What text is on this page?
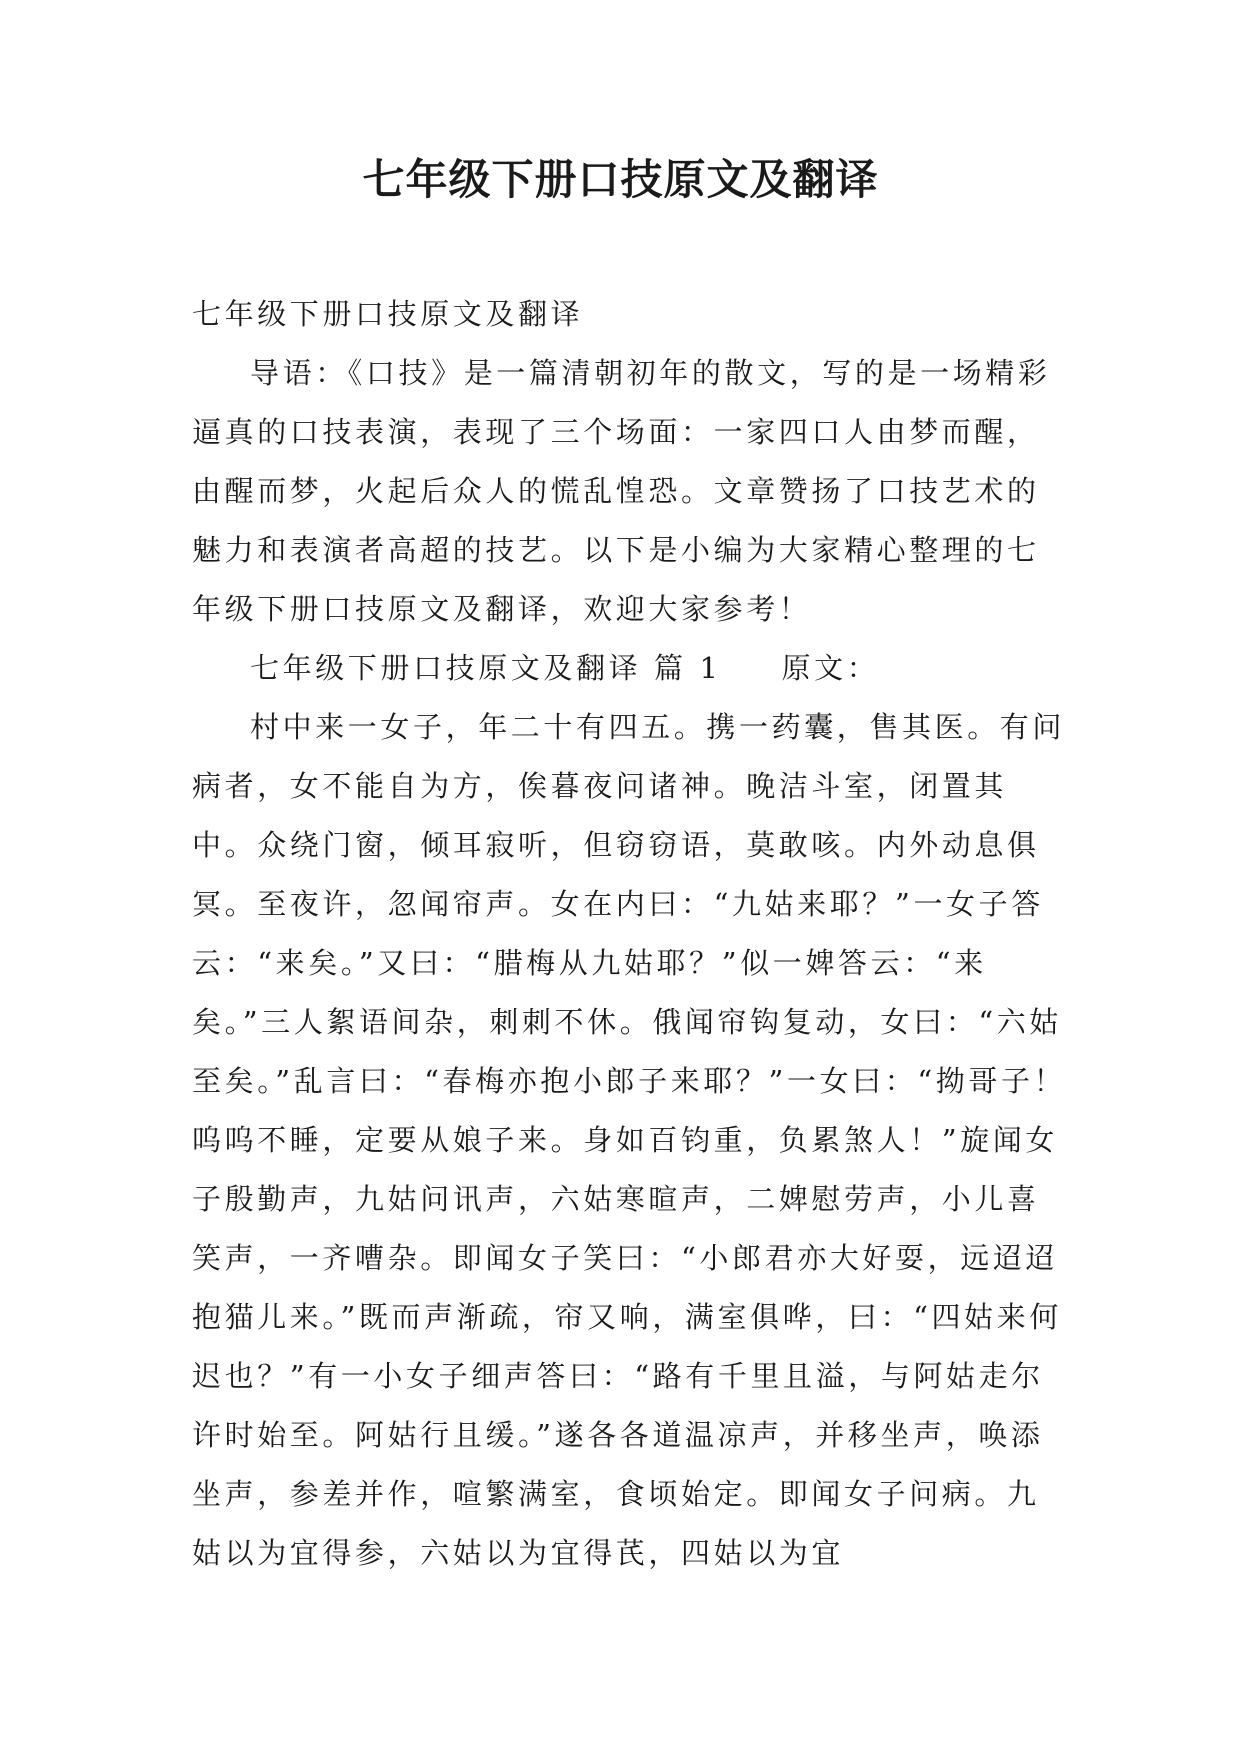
七年级下册口技原文及翻译

七年级下册口技原文及翻译

导语：《口技》是一篇清朝初年的散文，写的是一场精彩逼真的口技表演，表现了三个场面：一家四口人由梦而醒，由醒而梦，火起后众人的慌乱惶恐。文章赞扬了口技艺术的魅力和表演者高超的技艺。以下是小编为大家精心整理的七年级下册口技原文及翻译，欢迎大家参考！

七年级下册口技原文及翻译 篇 1 原文：

村中来一女子，年二十有四五。携一药囊，售其医。有问病者，女不能自为方，俟暮夜问诸神。晚洁斗室，闭置其中。众绕门窗，倾耳寂听，但窃窃语，莫敢咳。内外动息俱冥。至夜许，忽闻帘声。女在内曰：“九姑来耶？”一女子答云：“来矣。”又曰：“腊梅从九姑耶？”似一婢答云：“来矣。”三人絮语间杂，刺刺不休。俄闻帘钩复动，女曰：“六姑至矣。”乱言曰：“春梅亦抱小郎子来耶？”一女曰：“拗哥子！呜呜不睡，定要从娘子来。身如百钧重，负累煞人！”旋闻女子殷勤声，九姑问讯声，六姑寒暄声，二婢慰劳声，小儿喜笑声，一齐嘈杂。即闻女子笑曰：“小郎君亦大好耍，远迢迢抱猫儿来。”既而声渐疏，帘又响，满室俱哗，曰：“四姑来何迟也？”有一小女子细声答曰：“路有千里且溢，与阿姑走尔许时始至。阿姑行且缓。”遂各各道温凉声，并移坐声，唤添坐声，参差并作，喧繁满室，食顷始定。即闻女子问病。九姑以为宜得参，六姑以为宜得芪，四姑以为宜
